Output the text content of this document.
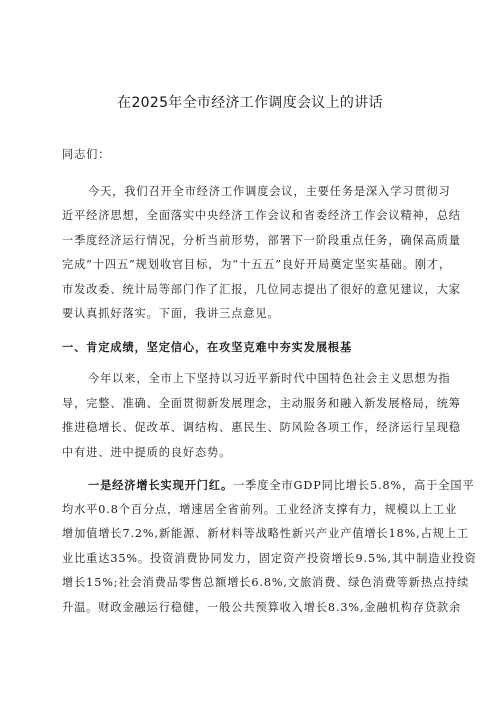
在2025年全市经济工作调度会议上的讲话
同志们：
今天，我们召开全市经济工作调度会议，主要任务是深入学习贯彻习
近平经济思想，全面落实中央经济工作会议和省委经济工作会议精神，总结
一季度经济运行情况，分析当前形势，部署下一阶段重点任务，确保高质量
完成“十四五”规划收官目标，为“十五五”良好开局奠定坚实基础。刚才，
市发改委、统计局等部门作了汇报，几位同志提出了很好的意见建议，大家
要认真抓好落实。下面，我讲三点意见。
一、肯定成绩，坚定信心，在攻坚克难中夯实发展根基
今年以来，全市上下坚持以习近平新时代中国特色社会主义思想为指
导，完整、准确、全面贯彻新发展理念，主动服务和融入新发展格局，统筹
推进稳增长、促改革、调结构、惠民生、防风险各项工作，经济运行呈现稳
中有进、进中提质的良好态势。
一是经济增长实现开门红。一季度全市GDP同比增长5.8%，高于全国平
均水平0.8个百分点，增速居全省前列。工业经济支撑有力，规模以上工业
增加值增长7.2%,新能源、新材料等战略性新兴产业产值增长18%,占规上工
业比重达35%。投资消费协同发力，固定资产投资增长9.5%,其中制造业投资
增长15%;社会消费品零售总额增长6.8%,文旅消费、绿色消费等新热点持续
升温。财政金融运行稳健，一般公共预算收入增长8.3%,金融机构存贷款余
